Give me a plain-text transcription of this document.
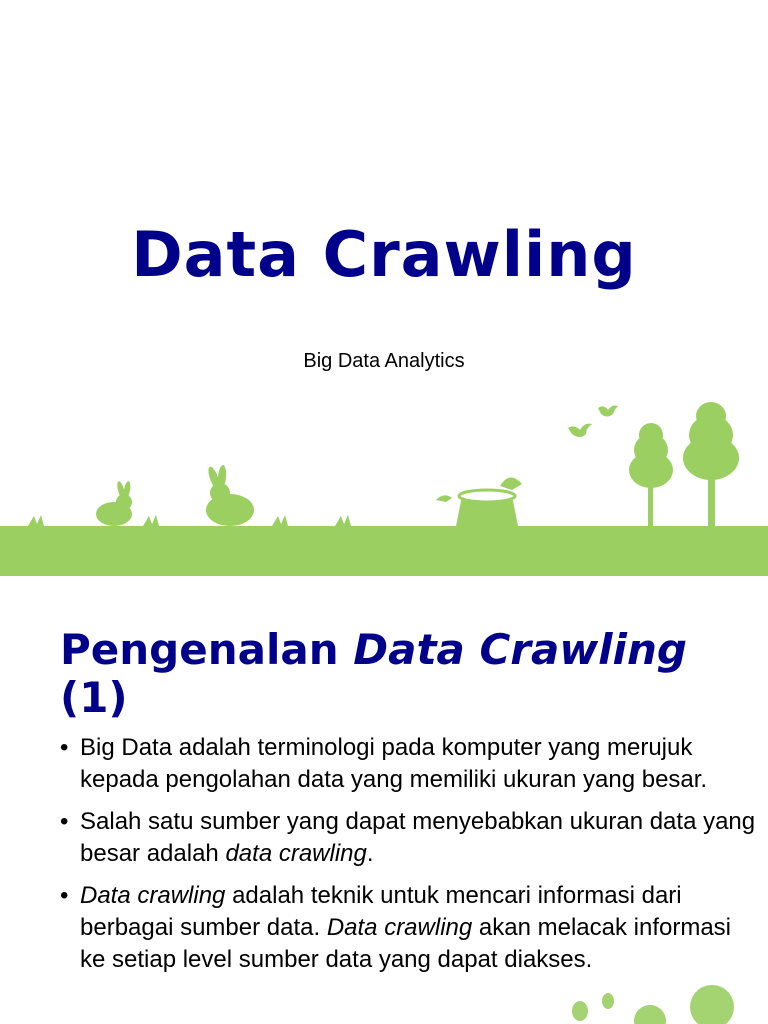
Data Crawling
Big Data Analytics
Pengenalan Data Crawling (1)
• Big Data adalah terminologi pada komputer yang merujuk kepada pengolahan data yang memiliki ukuran yang besar.
• Salah satu sumber yang dapat menyebabkan ukuran data yang besar adalah data crawling.
• Data crawling adalah teknik untuk mencari informasi dari berbagai sumber data. Data crawling akan melacak informasi ke setiap level sumber data yang dapat diakses.
